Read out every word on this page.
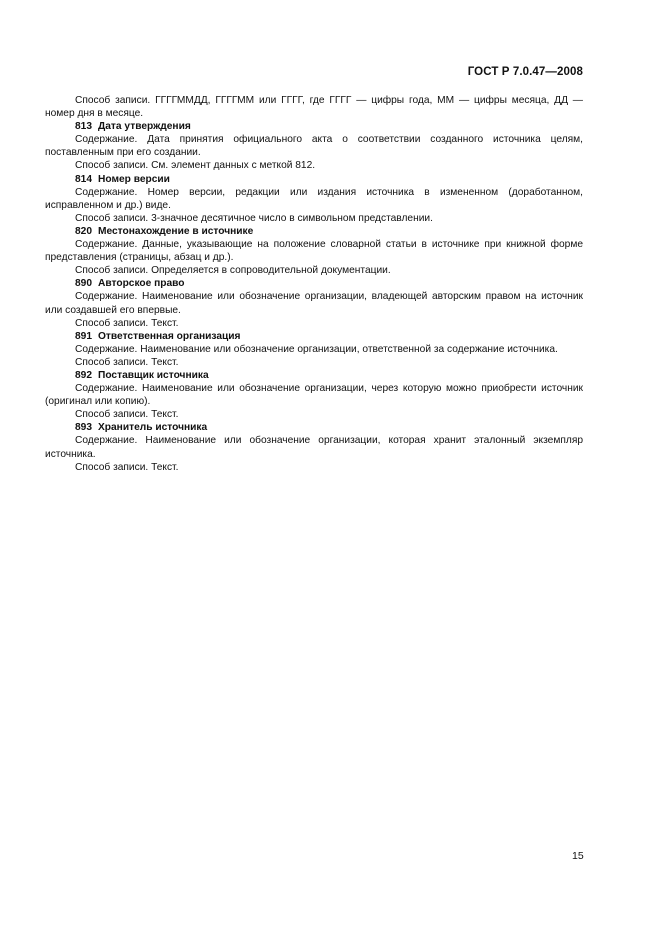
ГОСТ Р 7.0.47—2008

Способ записи. ГГГГММДД, ГГГГММ или ГГГГ, где ГГГГ — цифры года, ММ — цифры месяца, ДД — номер дня в месяце.

813 Дата утверждения

Содержание. Дата принятия официального акта о соответствии созданного источника целям, поставленным при его создании.

Способ записи. См. элемент данных с меткой 812.

814 Номер версии

Содержание. Номер версии, редакции или издания источника в измененном (доработанном, исправленном и др.) виде.

Способ записи. 3-значное десятичное число в символьном представлении.

820 Местонахождение в источнике

Содержание. Данные, указывающие на положение словарной статьи в источнике при книжной форме представления (страницы, абзац и др.).

Способ записи. Определяется в сопроводительной документации.

890 Авторское право

Содержание. Наименование или обозначение организации, владеющей авторским правом на источник или создавшей его впервые.

Способ записи. Текст.

891 Ответственная организация

Содержание. Наименование или обозначение организации, ответственной за содержание источника.

Способ записи. Текст.

892 Поставщик источника

Содержание. Наименование или обозначение организации, через которую можно приобрести источник (оригинал или копию).

Способ записи. Текст.

893 Хранитель источника

Содержание. Наименование или обозначение организации, которая хранит эталонный экземпляр источника.

Способ записи. Текст.

15
